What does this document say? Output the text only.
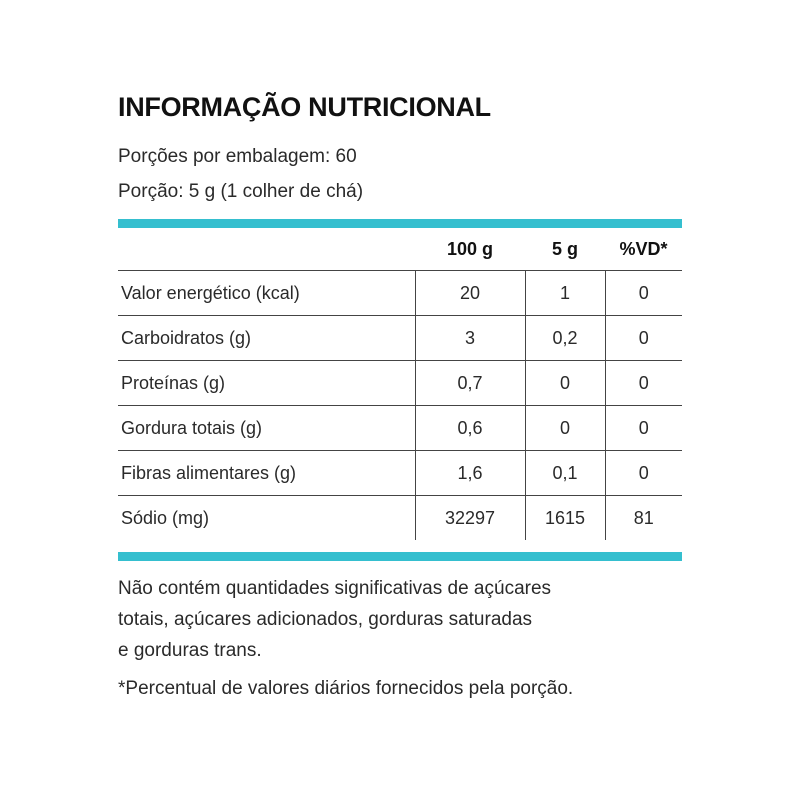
INFORMAÇÃO NUTRICIONAL
Porções por embalagem: 60
Porção: 5 g (1 colher de chá)
	100 g	5 g	%VD*
Valor energético (kcal)	20	1	0
Carboidratos (g)	3	0,2	0
Proteínas (g)	0,7	0	0
Gordura totais (g)	0,6	0	0
Fibras alimentares (g)	1,6	0,1	0
Sódio (mg)	32297	1615	81
Não contém quantidades significativas de açúcares
totais, açúcares adicionados, gorduras saturadas
e gorduras trans.
*Percentual de valores diários fornecidos pela porção.
